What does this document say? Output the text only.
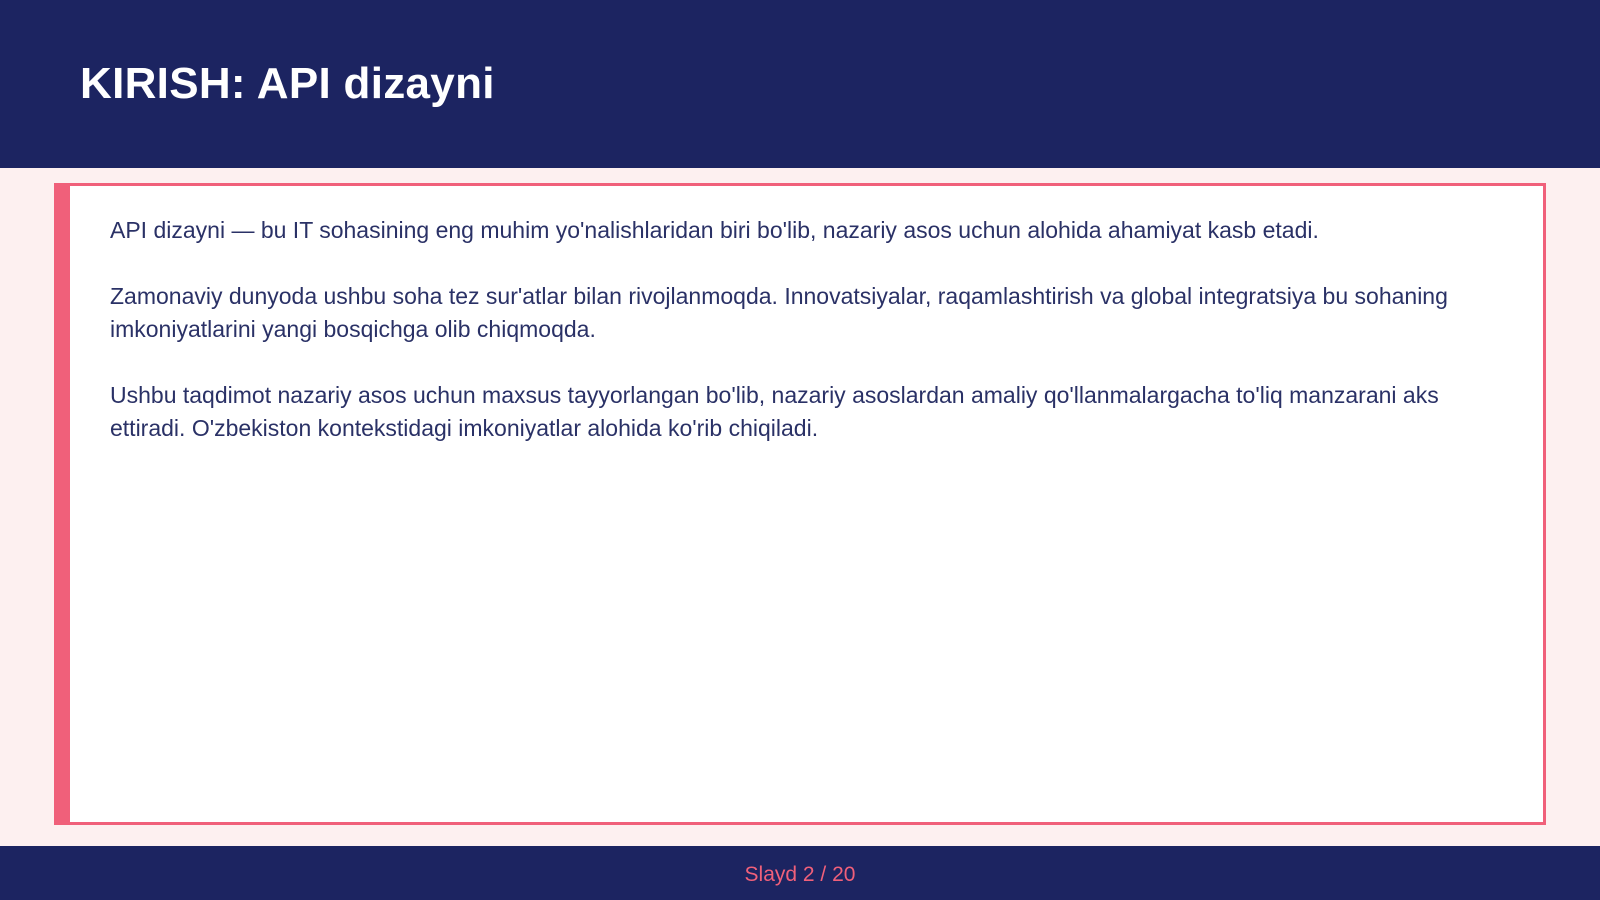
KIRISH: API dizayni

API dizayni — bu IT sohasining eng muhim yo'nalishlaridan biri bo'lib, nazariy asos uchun alohida ahamiyat kasb etadi.

Zamonaviy dunyoda ushbu soha tez sur'atlar bilan rivojlanmoqda. Innovatsiyalar, raqamlashtirish va global integratsiya bu sohaning imkoniyatlarini yangi bosqichga olib chiqmoqda.

Ushbu taqdimot nazariy asos uchun maxsus tayyorlangan bo'lib, nazariy asoslardan amaliy qo'llanmalargacha to'liq manzarani aks ettiradi. O'zbekiston kontekstidagi imkoniyatlar alohida ko'rib chiqiladi.

Slayd 2 / 20
